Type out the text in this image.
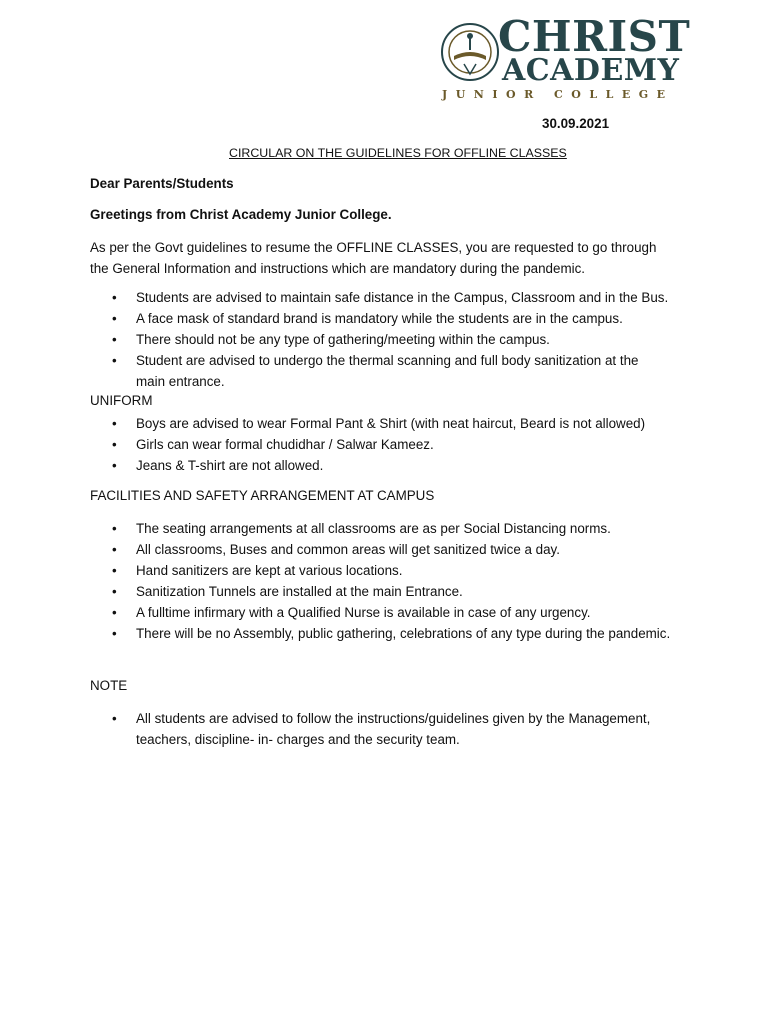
CHRIST
ACADEMY
JUNIOR COLLEGE
30.09.2021
CIRCULAR ON THE GUIDELINES FOR OFFLINE CLASSES
Dear Parents/Students
Greetings from Christ Academy Junior College.
As per the Govt guidelines to resume the OFFLINE CLASSES, you are requested to go through
the General Information and instructions which are mandatory during the pandemic.
• Students are advised to maintain safe distance in the Campus, Classroom and in the Bus.
• A face mask of standard brand is mandatory while the students are in the campus.
• There should not be any type of gathering/meeting within the campus.
• Student are advised to undergo the thermal scanning and full body sanitization at the main entrance.
UNIFORM
• Boys are advised to wear Formal Pant & Shirt (with neat haircut, Beard is not allowed)
• Girls can wear formal chudidhar / Salwar Kameez.
• Jeans & T-shirt are not allowed.
FACILITIES AND SAFETY ARRANGEMENT AT CAMPUS
• The seating arrangements at all classrooms are as per Social Distancing norms.
• All classrooms, Buses and common areas will get sanitized twice a day.
• Hand sanitizers are kept at various locations.
• Sanitization Tunnels are installed at the main Entrance.
• A fulltime infirmary with a Qualified Nurse is available in case of any urgency.
• There will be no Assembly, public gathering, celebrations of any type during the pandemic.
NOTE
• All students are advised to follow the instructions/guidelines given by the Management, teachers, discipline- in- charges and the security team.
